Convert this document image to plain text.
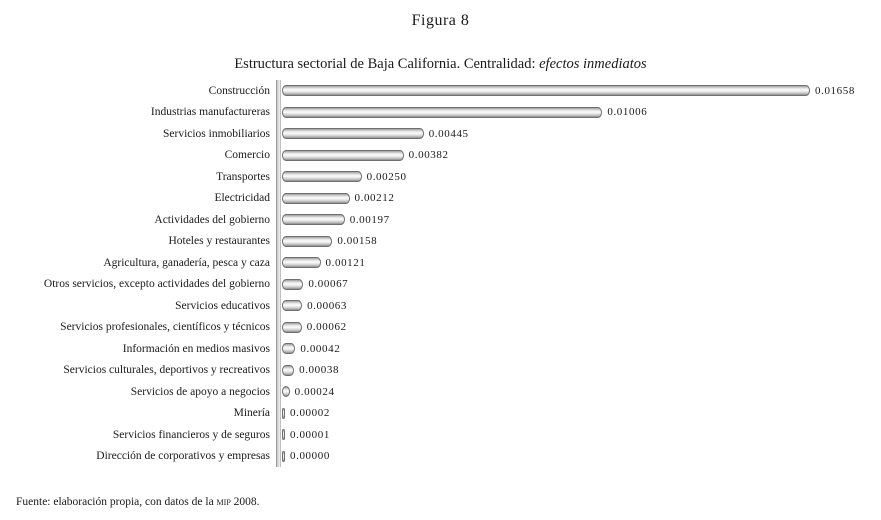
Figura 8
Estructura sectorial de Baja California. Centralidad: efectos inmediatos
Construcción	0.01658
Industrias manufactureras	0.01006
Servicios inmobiliarios	0.00445
Comercio	0.00382
Transportes	0.00250
Electricidad	0.00212
Actividades del gobierno	0.00197
Hoteles y restaurantes	0.00158
Agricultura, ganadería, pesca y caza	0.00121
Otros servicios, excepto actividades del gobierno	0.00067
Servicios educativos	0.00063
Servicios profesionales, científicos y técnicos	0.00062
Información en medios masivos	0.00042
Servicios culturales, deportivos y recreativos	0.00038
Servicios de apoyo a negocios	0.00024
Minería	0.00002
Servicios financieros y de seguros	0.00001
Dirección de corporativos y empresas	0.00000
Fuente: elaboración propia, con datos de la mip 2008.
